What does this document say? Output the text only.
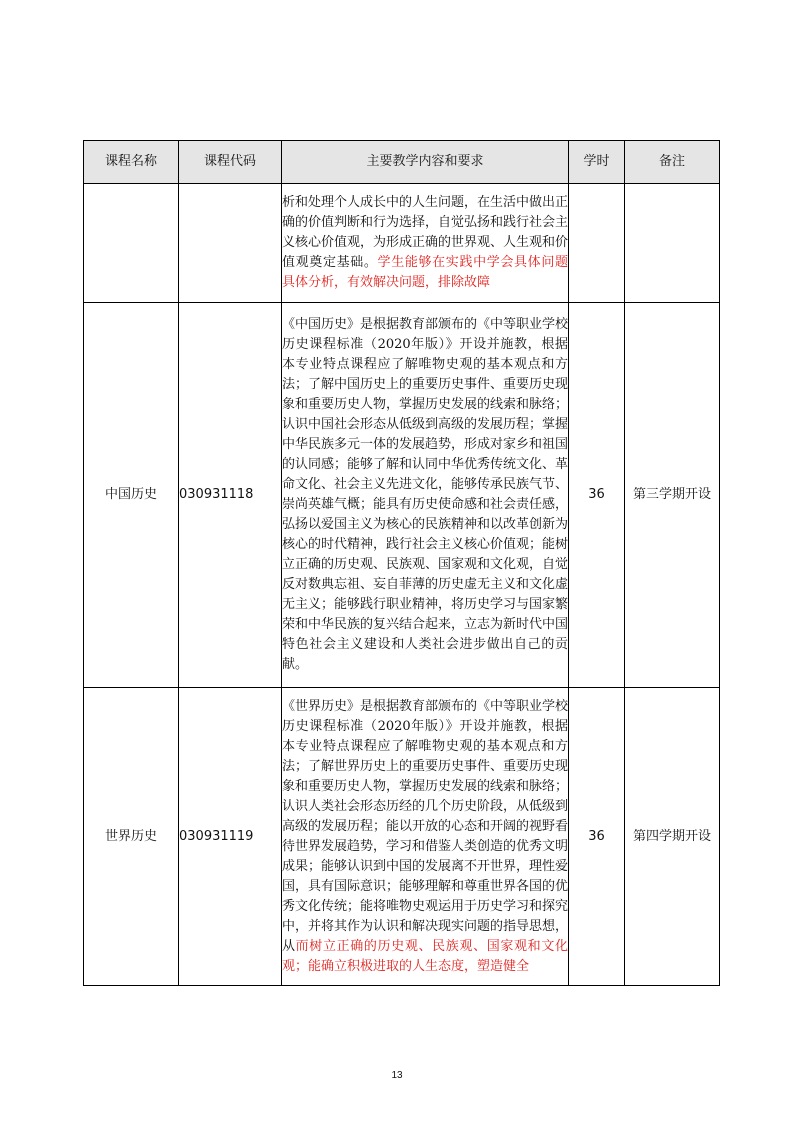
课程名称	课程代码	主要教学内容和要求	学时	备注
		析和处理个人成长中的人生问题，在生活中做出正确的价值判断和行为选择，自觉弘扬和践行社会主义核心价值观，为形成正确的世界观、人生观和价值观奠定基础。学生能够在实践中学会具体问题具体分析，有效解决问题，排除故障		
中国历史	030931118	《中国历史》是根据教育部颁布的《中等职业学校历史课程标准（2020年版）》开设并施教，根据本专业特点课程应了解唯物史观的基本观点和方法；了解中国历史上的重要历史事件、重要历史现象和重要历史人物，掌握历史发展的线索和脉络；认识中国社会形态从低级到高级的发展历程；掌握中华民族多元一体的发展趋势，形成对家乡和祖国的认同感；能够了解和认同中华优秀传统文化、革命文化、社会主义先进文化，能够传承民族气节、崇尚英雄气概；能具有历史使命感和社会责任感，弘扬以爱国主义为核心的民族精神和以改革创新为核心的时代精神，践行社会主义核心价值观；能树立正确的历史观、民族观、国家观和文化观，自觉反对数典忘祖、妄自菲薄的历史虚无主义和文化虚无主义；能够践行职业精神，将历史学习与国家繁荣和中华民族的复兴结合起来，立志为新时代中国特色社会主义建设和人类社会进步做出自己的贡献。	36	第三学期开设
世界历史	030931119	《世界历史》是根据教育部颁布的《中等职业学校历史课程标准（2020年版）》开设并施教，根据本专业特点课程应了解唯物史观的基本观点和方法；了解世界历史上的重要历史事件、重要历史现象和重要历史人物，掌握历史发展的线索和脉络；认识人类社会形态历经的几个历史阶段，从低级到高级的发展历程；能以开放的心态和开阔的视野看待世界发展趋势，学习和借鉴人类创造的优秀文明成果；能够认识到中国的发展离不开世界，理性爱国，具有国际意识；能够理解和尊重世界各国的优秀文化传统；能将唯物史观运用于历史学习和探究中，并将其作为认识和解决现实问题的指导思想，从而树立正确的历史观、民族观、国家观和文化观；能确立积极进取的人生态度，塑造健全	36	第四学期开设
13
